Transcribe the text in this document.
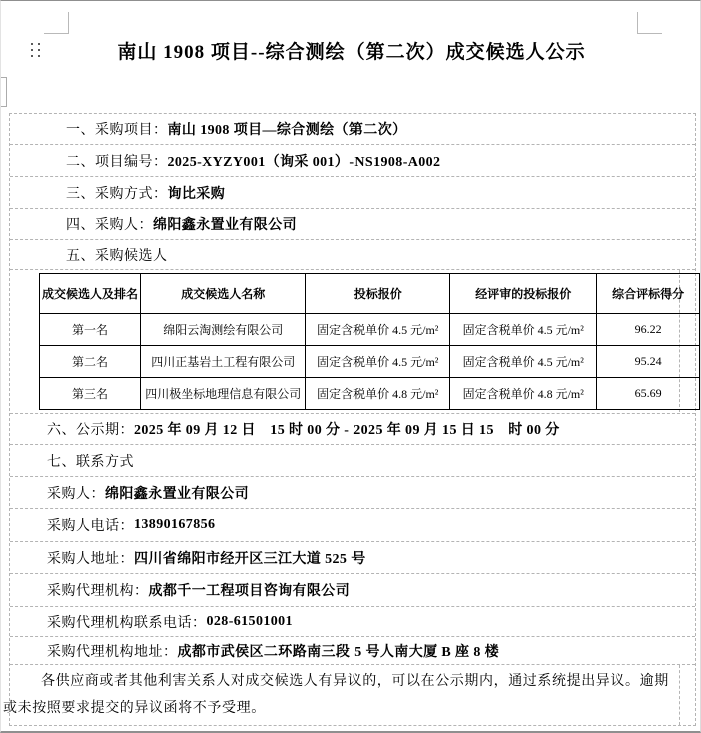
南山 1908 项目--综合测绘（第二次）成交候选人公示
一、采购项目： 南山 1908 项目—综合测绘（第二次）
二、项目编号： 2025-XYZY001（询采 001）-NS1908-A002
三、采购方式： 询比采购
四、采购人： 绵阳鑫永置业有限公司
五、采购候选人
六、公示期： 2025 年 09 月 12 日　15 时 00 分 - 2025 年 09 月 15 日 15　时 00 分
七、联系方式
采购人： 绵阳鑫永置业有限公司
采购人电话： 13890167856
采购人地址： 四川省绵阳市经开区三江大道 525 号
采购代理机构： 成都千一工程项目咨询有限公司
采购代理机构联系电话： 028-61501001
采购代理机构地址： 成都市武侯区二环路南三段 5 号人南大厦 B 座 8 楼
成交候选人及排名	成交候选人名称	投标报价	经评审的投标报价	综合评标得分
第一名	绵阳云淘测绘有限公司	固定含税单价 4.5 元/m²	固定含税单价 4.5 元/m²	96.22
第二名	四川正基岩土工程有限公司	固定含税单价 4.5 元/m²	固定含税单价 4.5 元/m²	95.24
第三名	四川极坐标地理信息有限公司	固定含税单价 4.8 元/m²	固定含税单价 4.8 元/m²	65.69
各供应商或者其他利害关系人对成交候选人有异议的，可以在公示期内，通过系统提出异议。逾期或未按照要求提交的异议函将不予受理。
